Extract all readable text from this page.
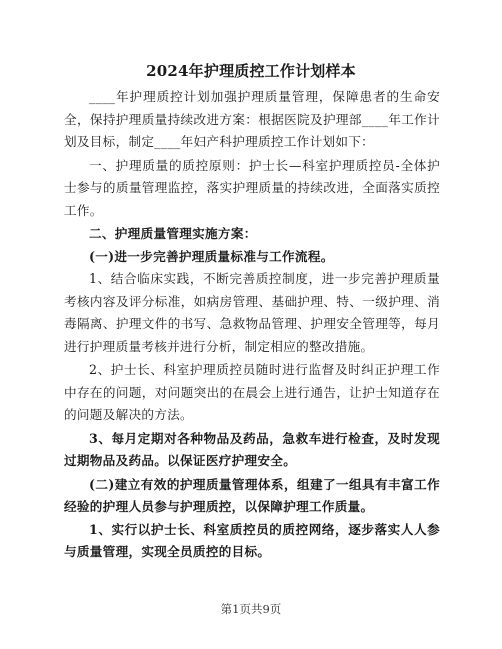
2024年护理质控工作计划样本

____年护理质控计划加强护理质量管理，保障患者的生命安全，保持护理质量持续改进方案：根据医院及护理部____年工作计划及目标，制定____年妇产科护理质控工作计划如下：

一、护理质量的质控原则：护士长—科室护理质控员-全体护士参与的质量管理监控，落实护理质量的持续改进，全面落实质控工作。

二、护理质量管理实施方案：

(一)进一步完善护理质量标准与工作流程。

1、结合临床实践，不断完善质控制度，进一步完善护理质量考核内容及评分标准，如病房管理、基础护理、特、一级护理、消毒隔离、护理文件的书写、急救物品管理、护理安全管理等，每月进行护理质量考核并进行分析，制定相应的整改措施。

2、护士长、科室护理质控员随时进行监督及时纠正护理工作中存在的问题，对问题突出的在晨会上进行通告，让护士知道存在的问题及解决的方法。

3、每月定期对各种物品及药品，急救车进行检查，及时发现过期物品及药品。以保证医疗护理安全。

(二)建立有效的护理质量管理体系，组建了一组具有丰富工作经验的护理人员参与护理质控，以保障护理工作质量。

1、实行以护士长、科室质控员的质控网络，逐步落实人人参与质量管理，实现全员质控的目标。

第1页共9页
